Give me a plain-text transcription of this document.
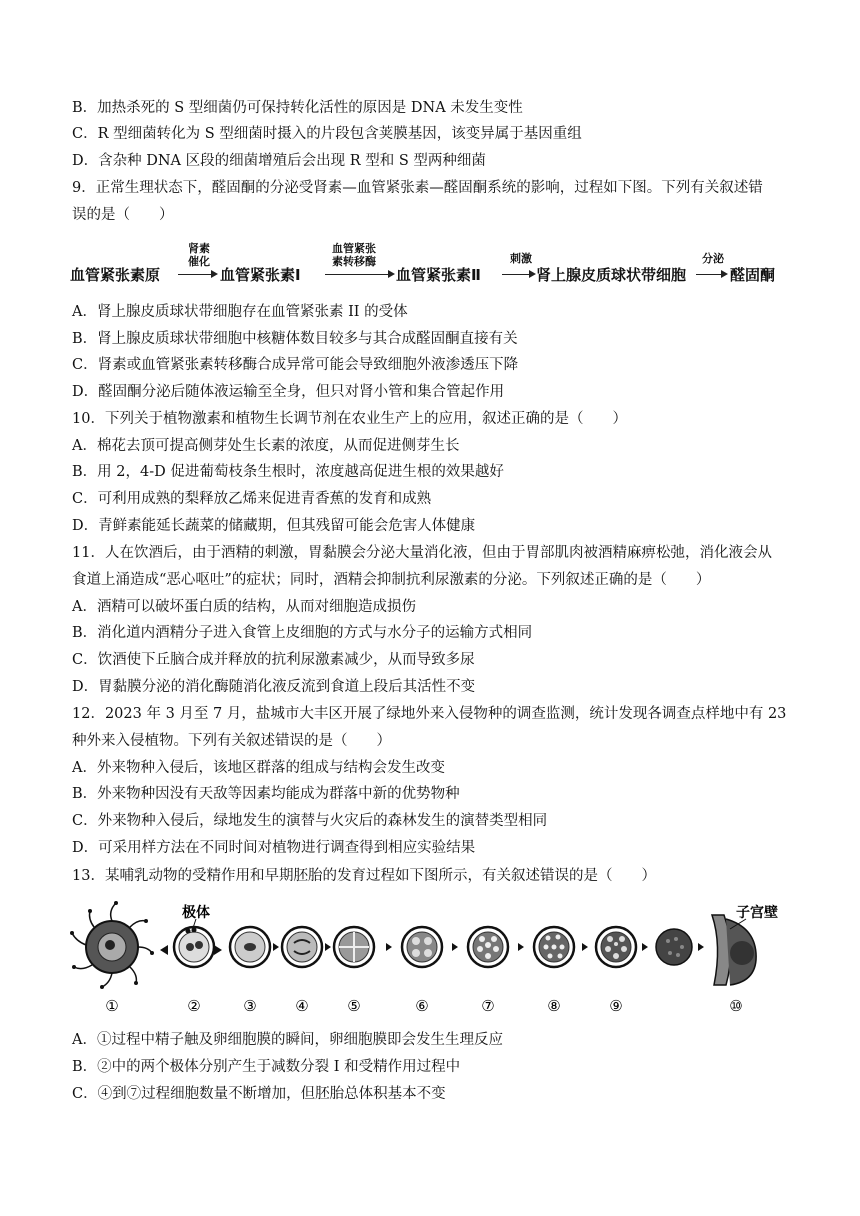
B．加热杀死的 S 型细菌仍可保持转化活性的原因是 DNA 未发生变性
C．R 型细菌转化为 S 型细菌时摄入的片段包含荚膜基因，该变异属于基因重组
D．含杂种 DNA 区段的细菌增殖后会出现 R 型和 S 型两种细菌
9．正常生理状态下，醛固酮的分泌受肾素—血管紧张素—醛固酮系统的影响，过程如下图。下列有关叙述错
误的是（　　）
血管紧张素原
肾素
催化
血管紧张素Ⅰ
血管紧张
素转移酶
血管紧张素Ⅱ
刺激
肾上腺皮质球状带细胞
分泌
醛固酮
A．肾上腺皮质球状带细胞存在血管紧张素 II 的受体
B．肾上腺皮质球状带细胞中核糖体数目较多与其合成醛固酮直接有关
C．肾素或血管紧张素转移酶合成异常可能会导致细胞外液渗透压下降
D．醛固酮分泌后随体液运输至全身，但只对肾小管和集合管起作用
10．下列关于植物激素和植物生长调节剂在农业生产上的应用，叙述正确的是（　　）
A．棉花去顶可提高侧芽处生长素的浓度，从而促进侧芽生长
B．用 2，4-D 促进葡萄枝条生根时，浓度越高促进生根的效果越好
C．可利用成熟的梨释放乙烯来促进青香蕉的发育和成熟
D．青鲜素能延长蔬菜的储藏期，但其残留可能会危害人体健康
11．人在饮酒后，由于酒精的刺激，胃黏膜会分泌大量消化液，但由于胃部肌肉被酒精麻痹松弛，消化液会从
食道上涌造成“恶心呕吐”的症状；同时，酒精会抑制抗利尿激素的分泌。下列叙述正确的是（　　）
A．酒精可以破坏蛋白质的结构，从而对细胞造成损伤
B．消化道内酒精分子进入食管上皮细胞的方式与水分子的运输方式相同
C．饮酒使下丘脑合成并释放的抗利尿激素减少，从而导致多尿
D．胃黏膜分泌的消化酶随消化液反流到食道上段后其活性不变
12．2023 年 3 月至 7 月，盐城市大丰区开展了绿地外来入侵物种的调查监测，统计发现各调查点样地中有 23
种外来入侵植物。下列有关叙述错误的是（　　）
A．外来物种入侵后，该地区群落的组成与结构会发生改变
B．外来物种因没有天敌等因素均能成为群落中新的优势物种
C．外来物种入侵后，绿地发生的演替与火灾后的森林发生的演替类型相同
D．可采用样方法在不同时间对植物进行调查得到相应实验结果
13．某哺乳动物的受精作用和早期胚胎的发育过程如下图所示，有关叙述错误的是（　　）
极体	子宫壁
①	②	③	④	⑤	⑥	⑦	⑧	⑨	⑩
A．①过程中精子触及卵细胞膜的瞬间，卵细胞膜即会发生生理反应
B．②中的两个极体分别产生于减数分裂 I 和受精作用过程中
C．④到⑦过程细胞数量不断增加，但胚胎总体积基本不变
